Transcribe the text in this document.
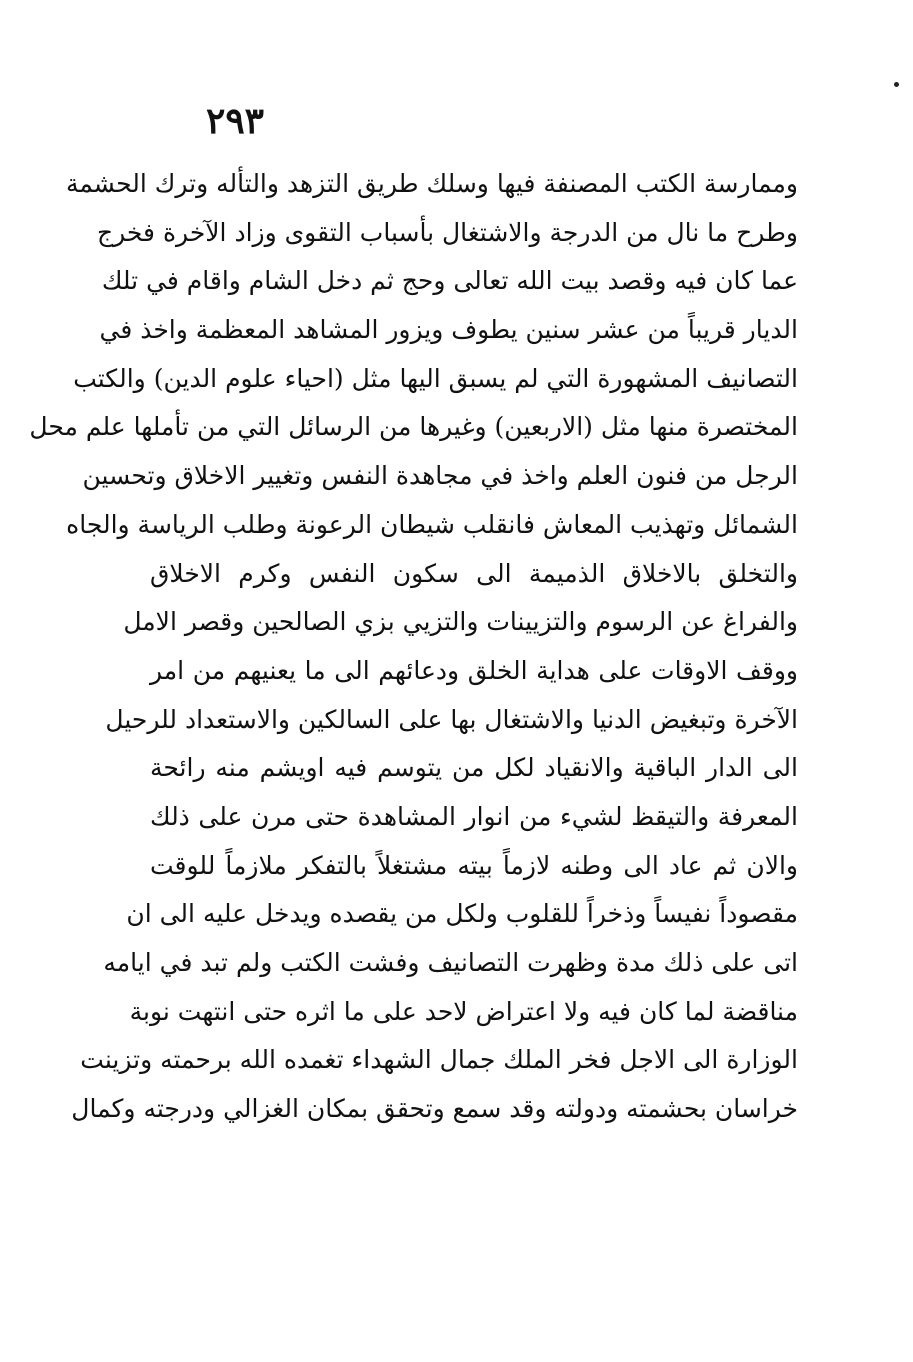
٢٩٣
وممارسة الكتب المصنفة فيها وسلك طريق التزهد والتأله وترك الحشمة
وطرح ما نال من الدرجة والاشتغال بأسباب التقوى وزاد الآخرة فخرج
عما كان فيه وقصد بيت الله تعالى وحج ثم دخل الشام واقام في تلك
الديار قريباً من عشر سنين يطوف ويزور المشاهد المعظمة واخذ في
التصانيف المشهورة التي لم يسبق اليها مثل (احياء علوم الدين) والكتب
المختصرة منها مثل (الاربعين) وغيرها من الرسائل التي من تأملها علم محل
الرجل من فنون العلم واخذ في مجاهدة النفس وتغيير الاخلاق وتحسين
الشمائل وتهذيب المعاش فانقلب شيطان الرعونة وطلب الرياسة والجاه
والتخلق بالاخلاق الذميمة الى سكون النفس وكرم الاخلاق
والفراغ عن الرسوم والتزيينات والتزيي بزي الصالحين وقصر الامل
ووقف الاوقات على هداية الخلق ودعائهم الى ما يعنيهم من امر
الآخرة وتبغيض الدنيا والاشتغال بها على السالكين والاستعداد للرحيل
الى الدار الباقية والانقياد لكل من يتوسم فيه اويشم منه رائحة
المعرفة والتيقظ لشيء من انوار المشاهدة حتى مرن على ذلك
والان ثم عاد الى وطنه لازماً بيته مشتغلاً بالتفكر ملازماً للوقت
مقصوداً نفيساً وذخراً للقلوب ولكل من يقصده ويدخل عليه الى ان
اتى على ذلك مدة وظهرت التصانيف وفشت الكتب ولم تبد في ايامه
مناقضة لما كان فيه ولا اعتراض لاحد على ما اثره حتى انتهت نوبة
الوزارة الى الاجل فخر الملك جمال الشهداء تغمده الله برحمته وتزينت
خراسان بحشمته ودولته وقد سمع وتحقق بمكان الغزالي ودرجته وكمال
